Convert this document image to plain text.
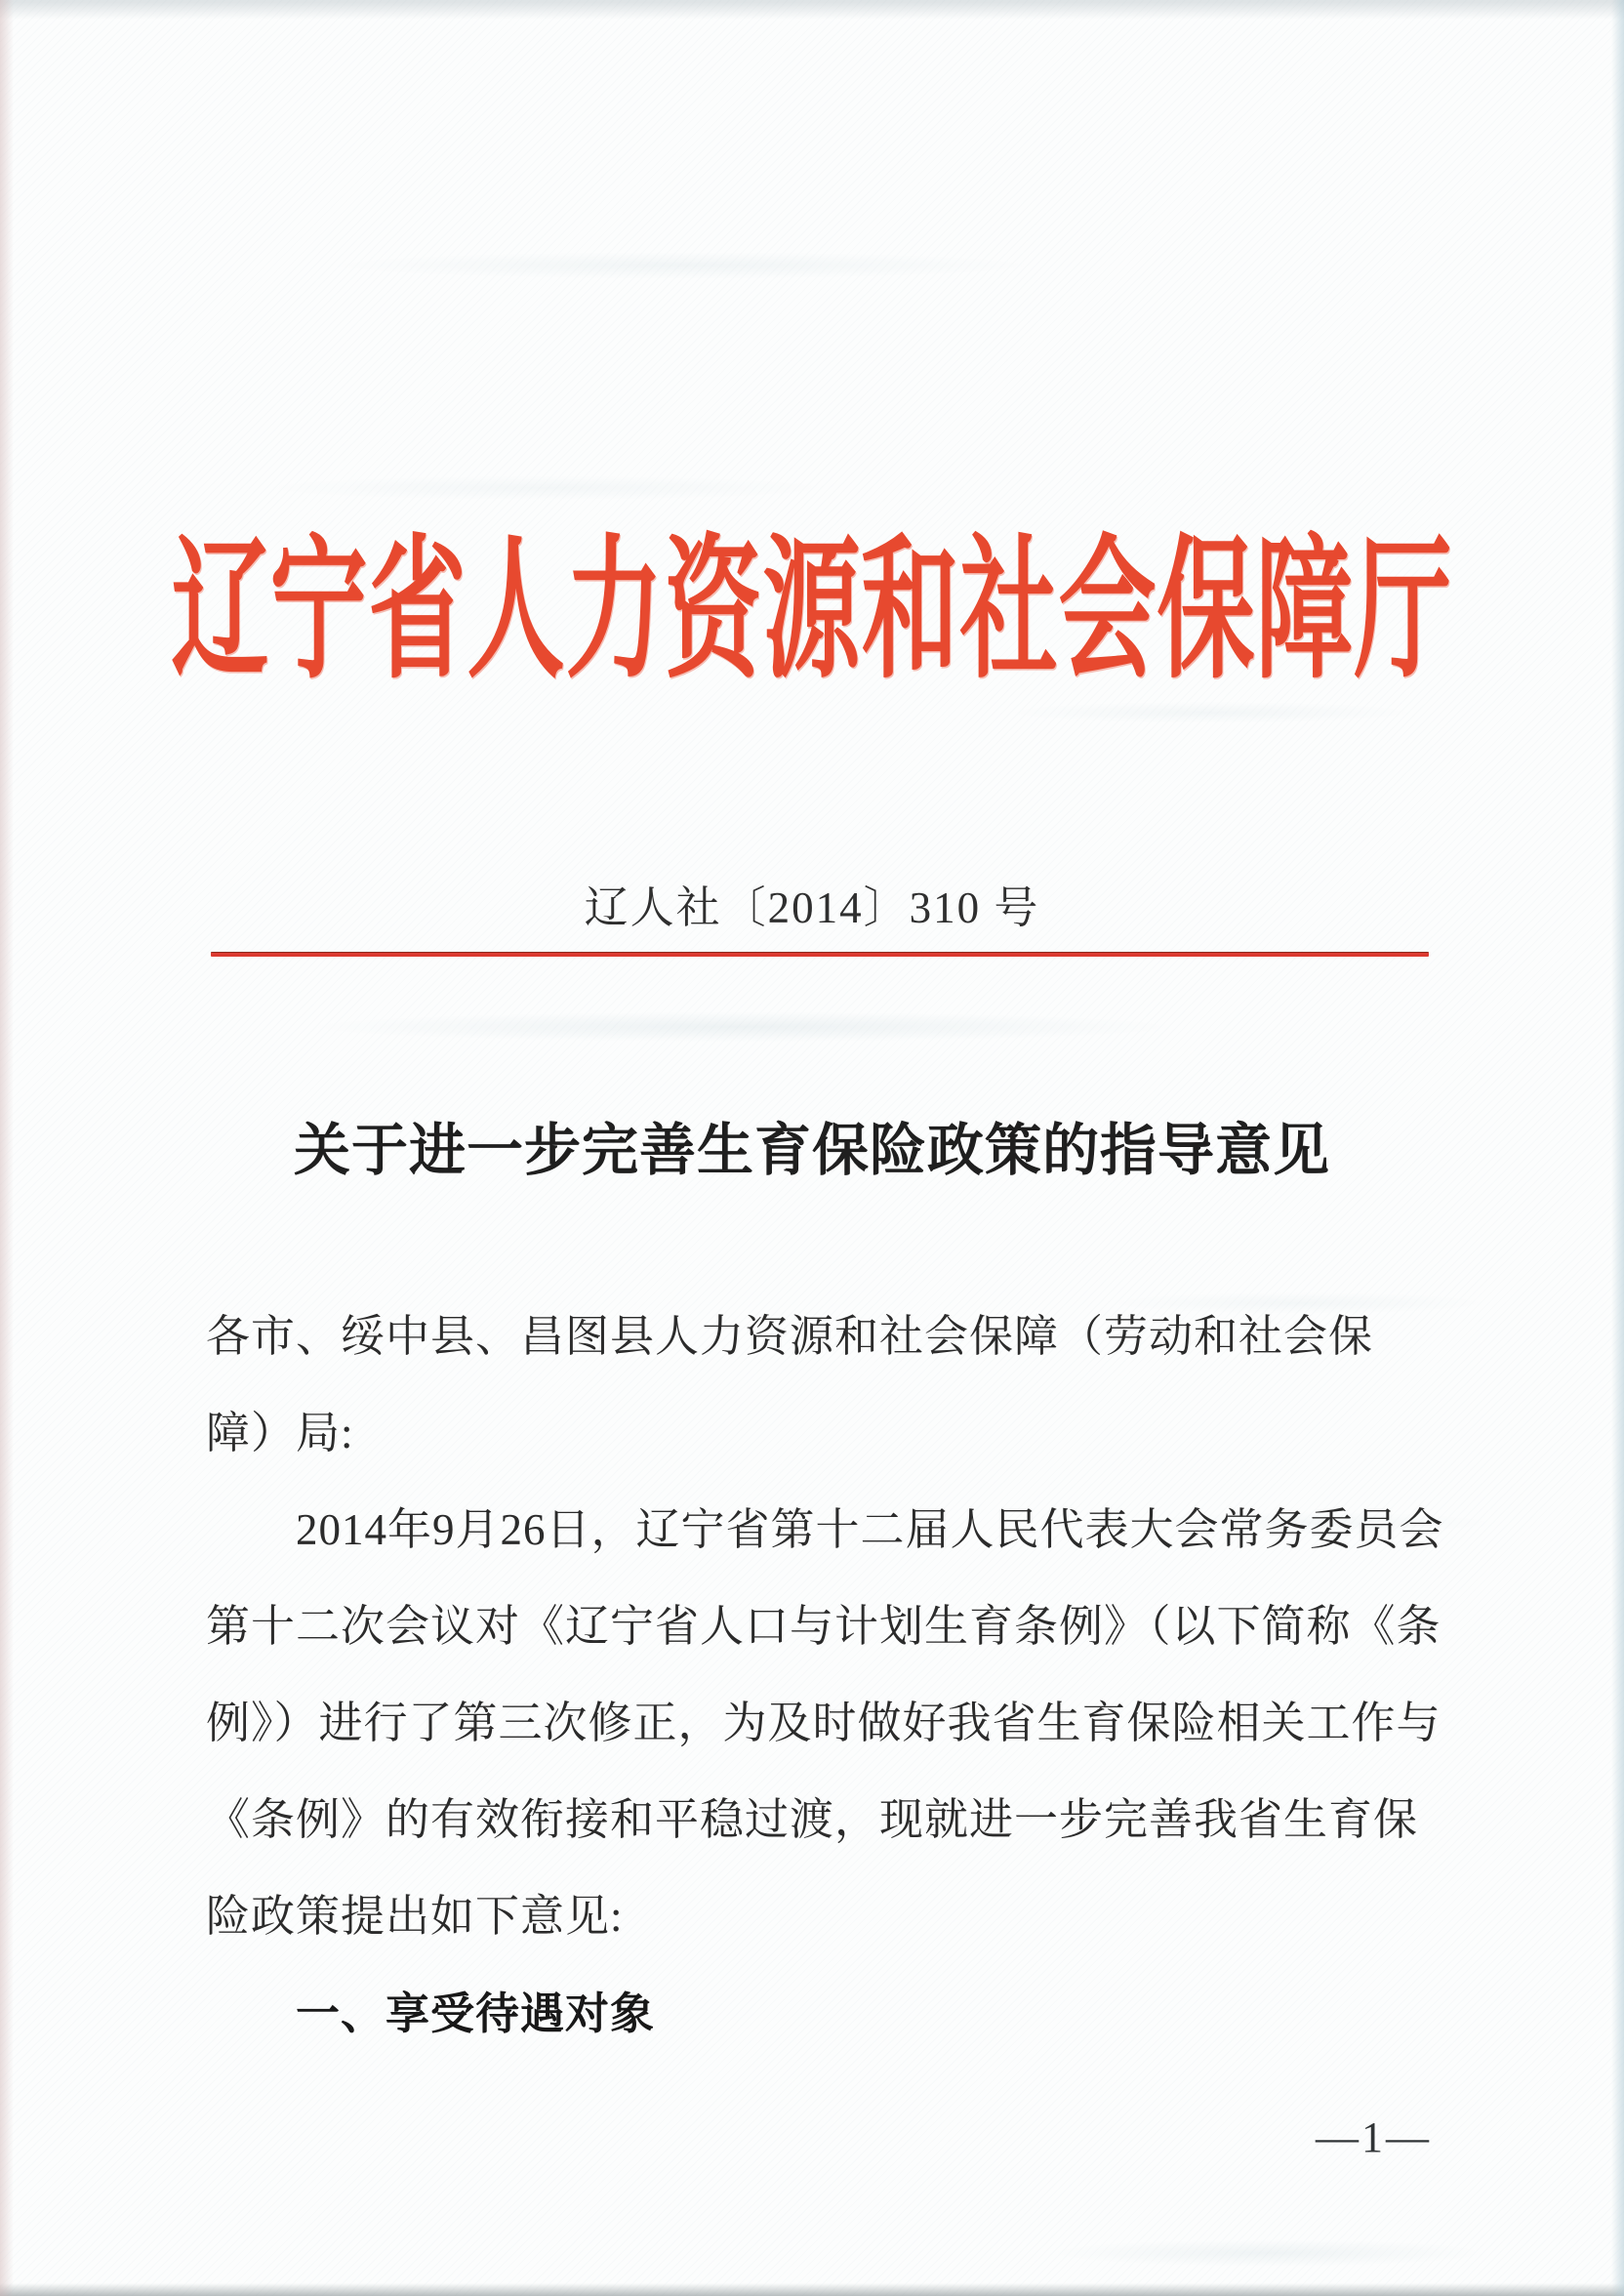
辽宁省人力资源和社会保障厅
辽人社〔2014〕310 号
关于进一步完善生育保险政策的指导意见
各市、绥中县、昌图县人力资源和社会保障（劳动和社会保
障）局:
2014年9月26日，辽宁省第十二届人民代表大会常务委员会
第十二次会议对《辽宁省人口与计划生育条例》（以下简称《条
例》）进行了第三次修正，为及时做好我省生育保险相关工作与
《条例》的有效衔接和平稳过渡，现就进一步完善我省生育保
险政策提出如下意见:
一、享受待遇对象
—1—
